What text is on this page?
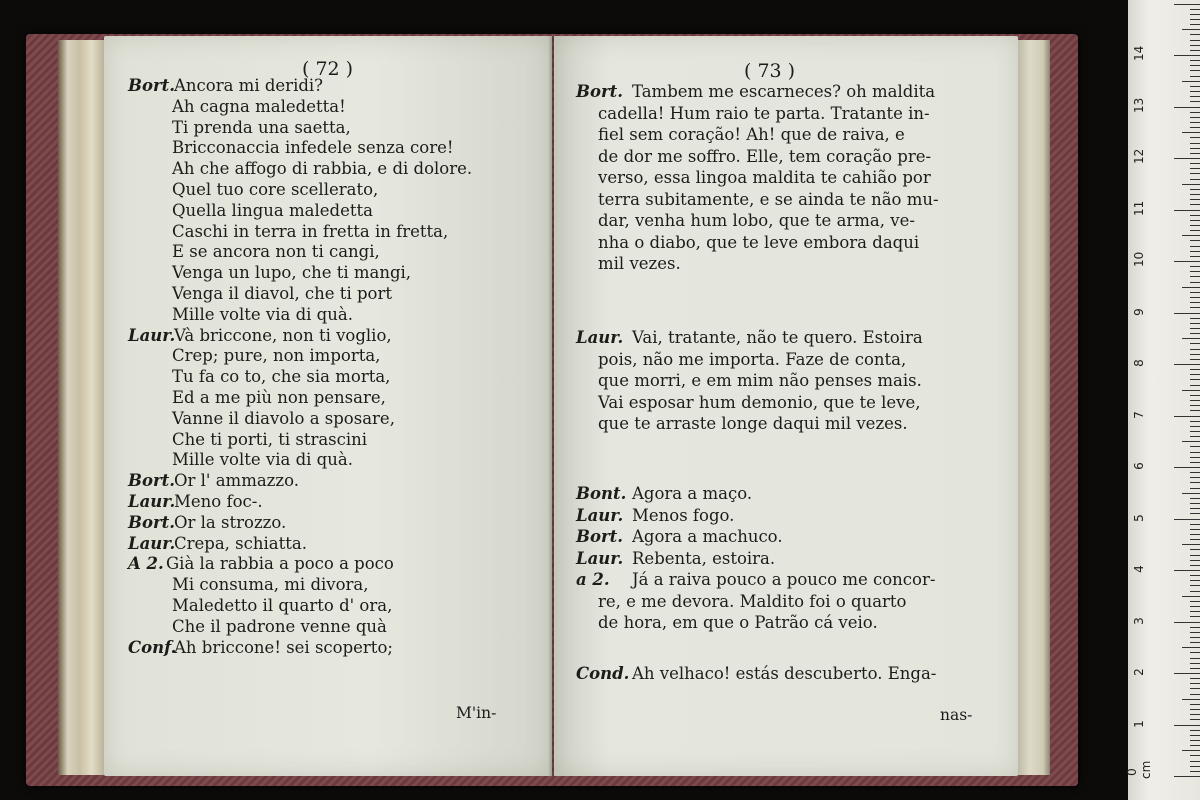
( 72 )
Bort.
Ancora mi deridi?
Ah cagna maledetta!
Ti prenda una saetta,
Bricconaccia infedele senza core!
Ah che affogo di rabbia, e di dolore.
Quel tuo core scellerato,
Quella lingua maledetta
Caschi in terra in fretta in fretta,
E se ancora non ti cangi,
Venga un lupo, che ti mangi,
Venga il diavol, che ti port
Mille volte via di quà.
Laur.
Và briccone, non ti voglio,
Crep; pure, non importa,
Tu fa co to, che sia morta,
Ed a me più non pensare,
Vanne il diavolo a sposare,
Che ti porti, ti strascini
Mille volte via di quà.
Bort.
Or l' ammazzo.
Laur.
Meno foc-.
Bort.
Or la strozzo.
Laur.
Crepa, schiatta.
A 2. Già la rabbia a poco a poco
Mi consuma, mi divora,
Maledetto il quarto d' ora,
Che il padrone venne quà
Conf.
Ah briccone! sei scoperto;
M'in-
( 73 )
Bort. Tambem me escarneces? oh maldita
cadella! Hum raio te parta. Tratante in-
fiel sem coração! Ah! que de raiva, e
de dor me soffro. Elle, tem coração pre-
verso, essa lingoa maldita te cahião por
terra subitamente, e se ainda te não mu-
dar, venha hum lobo, que te arma, ve-
nha o diabo, que te leve embora daqui
mil vezes.
Laur. Vai, tratante, não te quero. Estoira
pois, não me importa. Faze de conta,
que morri, e em mim não penses mais.
Vai esposar hum demonio, que te leve,
que te arraste longe daqui mil vezes.
Bont. Agora a maço.
Laur. Menos fogo.
Bort. Agora a machuco.
Laur. Rebenta, estoira.
a 2. Já a raiva pouco a pouco me concor-
re, e me devora. Maldito foi o quarto
de hora, em que o Patrão cá veio.
Cond. Ah velhaco! estás descuberto. Enga-
nas-
0 cm
1
2
3
4
5
6
7
8
9
10
11
12
13
14
